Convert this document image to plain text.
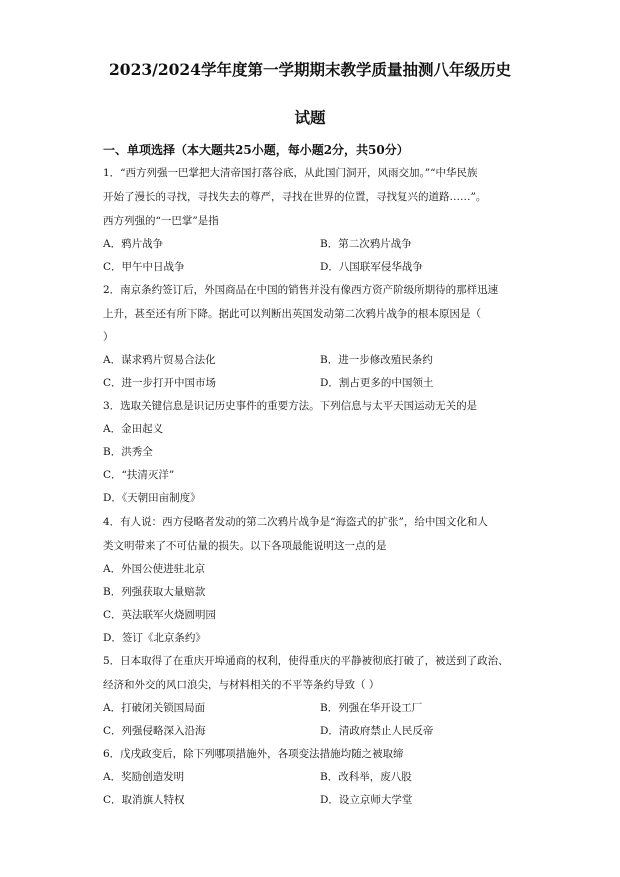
2023/2024学年度第一学期期末教学质量抽测八年级历史
试题
一、单项选择（本大题共25小题，每小题2分，共50分）
1．“西方列强一巴掌把大清帝国打落谷底，从此国门洞开，风雨交加。”“中华民族
开始了漫长的寻找，寻找失去的尊严，寻找在世界的位置，寻找复兴的道路……”。
西方列强的“一巴掌”是指
A．鸦片战争	B．第二次鸦片战争
C．甲午中日战争	D．八国联军侵华战争
2．南京条约签订后，外国商品在中国的销售并没有像西方资产阶级所期待的那样迅速
上升，甚至还有所下降。据此可以判断出英国发动第二次鸦片战争的根本原因是（
）
A．谋求鸦片贸易合法化	B．进一步修改殖民条约
C．进一步打开中国市场	D．割占更多的中国领土
3．选取关键信息是识记历史事件的重要方法。下列信息与太平天国运动无关的是
A．金田起义
B．洪秀全
C．“扶清灭洋”
D．《天朝田亩制度》
4．有人说：西方侵略者发动的第二次鸦片战争是“海盗式的扩张”，给中国文化和人
类文明带来了不可估量的损失。以下各项最能说明这一点的是
A．外国公使进驻北京
B．列强获取大量赔款
C．英法联军火烧圆明园
D．签订《北京条约》
5．日本取得了在重庆开埠通商的权利，使得重庆的平静被彻底打破了，被送到了政治、
经济和外交的风口浪尖，与材料相关的不平等条约导致（ ）
A．打破闭关锁国局面	B．列强在华开设工厂
C．列强侵略深入沿海	D．清政府禁止人民反帝
6．戊戌政变后，除下列哪项措施外，各项变法措施均随之被取缔
A．奖励创造发明	B．改科举，废八股
C．取消旗人特权	D．设立京师大学堂
